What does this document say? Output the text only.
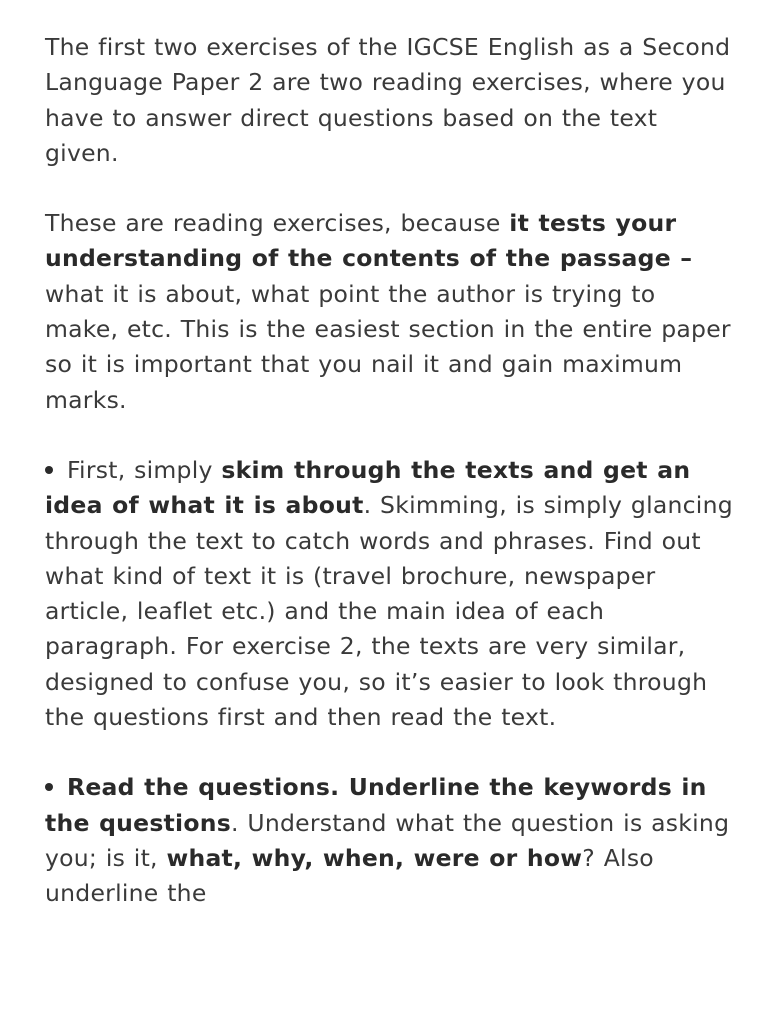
The first two exercises of the IGCSE English as a Second Language Paper 2 are two reading exercises, where you have to answer direct questions based on the text given.

These are reading exercises, because it tests your understanding of the contents of the passage – what it is about, what point the author is trying to make, etc. This is the easiest section in the entire paper so it is important that you nail it and gain maximum marks.

First, simply skim through the texts and get an idea of what it is about. Skimming, is simply glancing through the text to catch words and phrases. Find out what kind of text it is (travel brochure, newspaper article, leaflet etc.) and the main idea of each paragraph. For exercise 2, the texts are very similar, designed to confuse you, so it’s easier to look through the questions first and then read the text.
Read the questions. Underline the keywords in the questions. Understand what the question is asking you; is it, what, why, when, were or how? Also underline the
